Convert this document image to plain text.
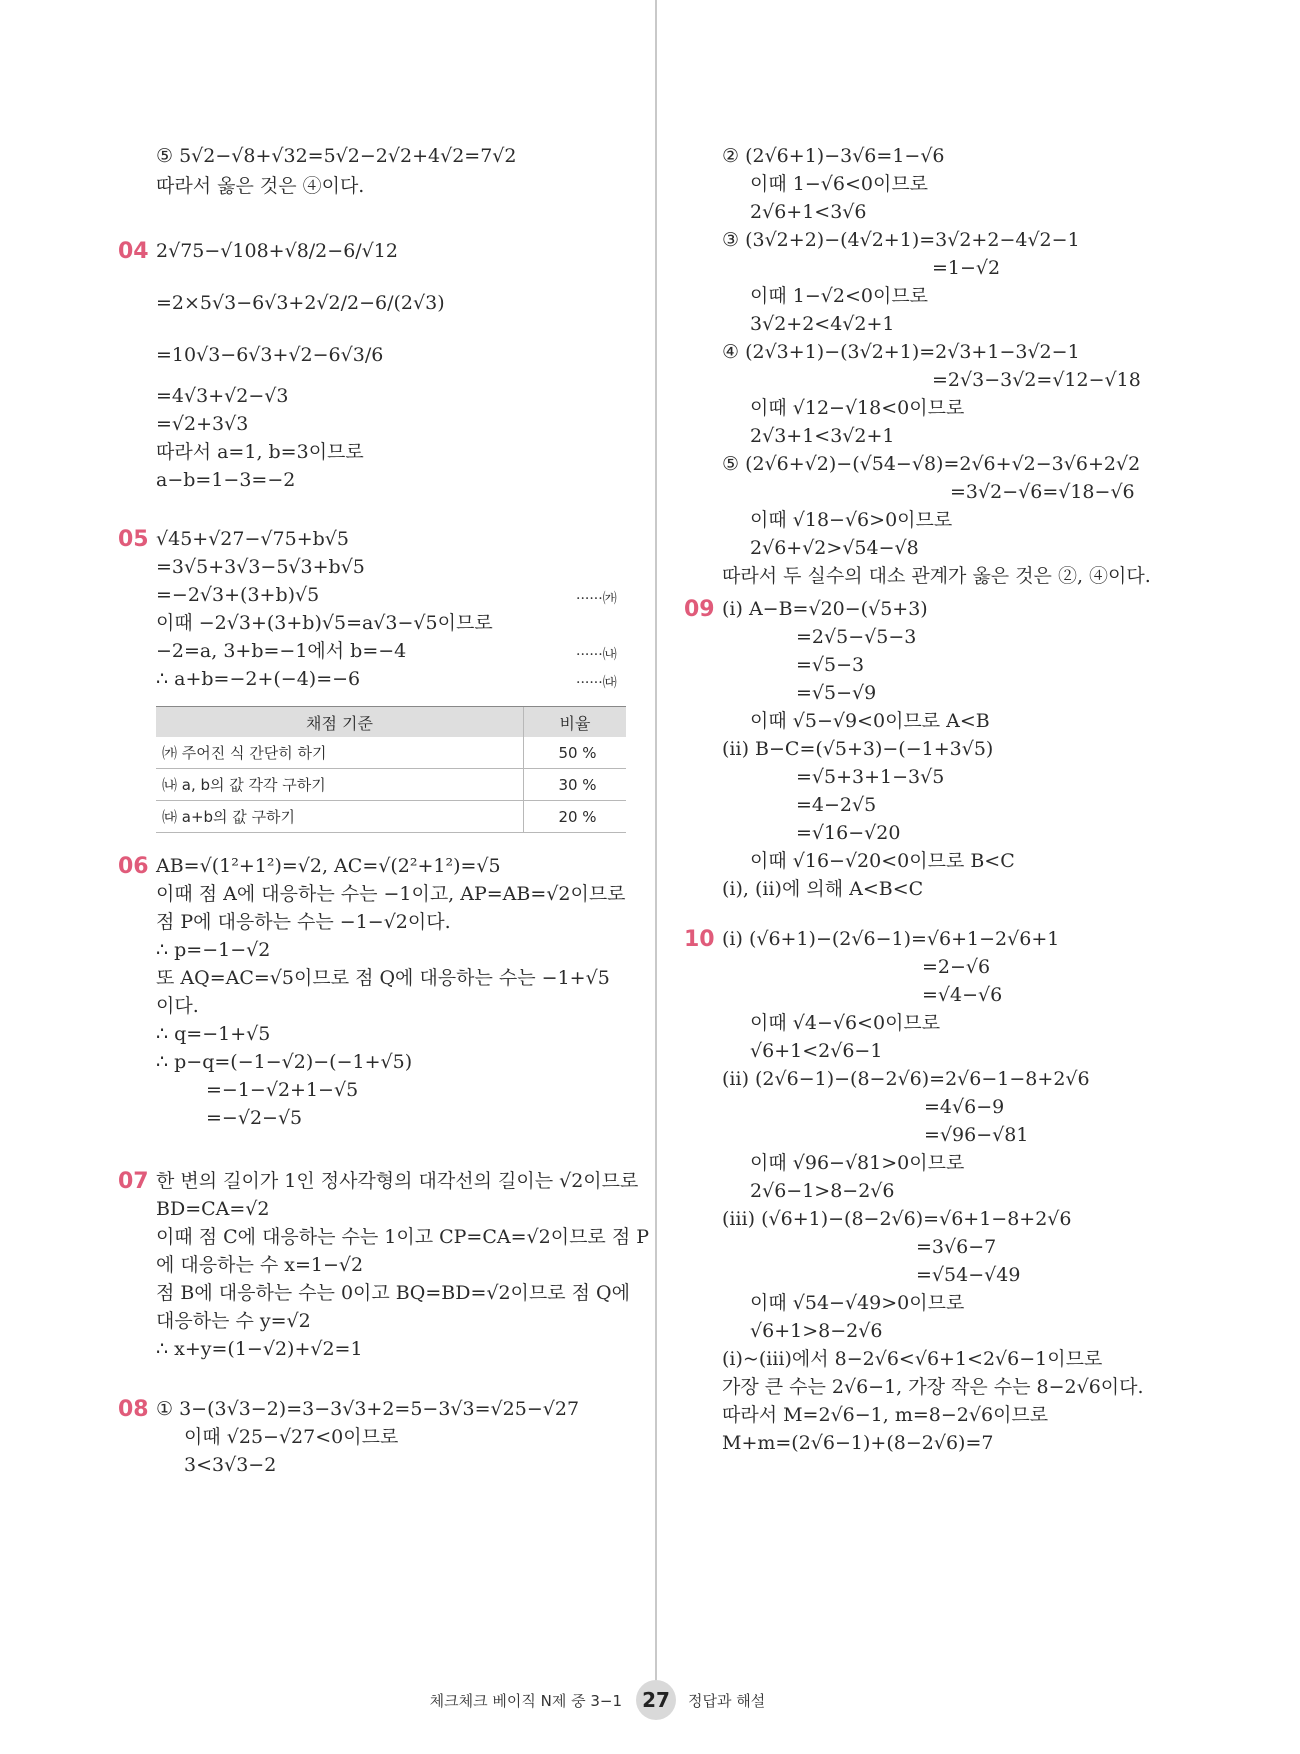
⑤ 5√2−√8+√32=5√2−2√2+4√2=7√2
따라서 옳은 것은 ④이다.
04 2√75−√108+√8/2−6/√12
=2×5√3−6√3+2√2/2−6/(2√3)
=10√3−6√3+√2−6√3/6
=4√3+√2−√3
=√2+3√3
따라서 a=1, b=3이므로
a−b=1−3=−2
05 √45+√27−√75+b√5
=3√5+3√3−5√3+b√5
=−2√3+(3+b)√5	······㈎
이때 −2√3+(3+b)√5=a√3−√5이므로
−2=a, 3+b=−1에서 b=−4	······㈏
∴ a+b=−2+(−4)=−6	······㈐
채점 기준	비율
㈎ 주어진 식 간단히 하기	50 %
㈏ a, b의 값 각각 구하기	30 %
㈐ a+b의 값 구하기	20 %
06 AB=√(1²+1²)=√2, AC=√(2²+1²)=√5
이때 점 A에 대응하는 수는 −1이고, AP=AB=√2이므로
점 P에 대응하는 수는 −1−√2이다.
∴ p=−1−√2
또 AQ=AC=√5이므로 점 Q에 대응하는 수는 −1+√5
이다.
∴ q=−1+√5
∴ p−q=(−1−√2)−(−1+√5)
=−1−√2+1−√5
=−√2−√5
07 한 변의 길이가 1인 정사각형의 대각선의 길이는 √2이므로
BD=CA=√2
이때 점 C에 대응하는 수는 1이고 CP=CA=√2이므로 점 P
에 대응하는 수 x=1−√2
점 B에 대응하는 수는 0이고 BQ=BD=√2이므로 점 Q에
대응하는 수 y=√2
∴ x+y=(1−√2)+√2=1
08 ① 3−(3√3−2)=3−3√3+2=5−3√3=√25−√27
이때 √25−√27<0이므로
3<3√3−2
② (2√6+1)−3√6=1−√6
이때 1−√6<0이므로
2√6+1<3√6
③ (3√2+2)−(4√2+1)=3√2+2−4√2−1
=1−√2
이때 1−√2<0이므로
3√2+2<4√2+1
④ (2√3+1)−(3√2+1)=2√3+1−3√2−1
=2√3−3√2=√12−√18
이때 √12−√18<0이므로
2√3+1<3√2+1
⑤ (2√6+√2)−(√54−√8)=2√6+√2−3√6+2√2
=3√2−√6=√18−√6
이때 √18−√6>0이므로
2√6+√2>√54−√8
따라서 두 실수의 대소 관계가 옳은 것은 ②, ④이다.
09 (ⅰ) A−B=√20−(√5+3)
=2√5−√5−3
=√5−3
=√5−√9
이때 √5−√9<0이므로 A<B
(ⅱ) B−C=(√5+3)−(−1+3√5)
=√5+3+1−3√5
=4−2√5
=√16−√20
이때 √16−√20<0이므로 B<C
(ⅰ), (ⅱ)에 의해 A<B<C
10 (ⅰ) (√6+1)−(2√6−1)=√6+1−2√6+1
=2−√6
=√4−√6
이때 √4−√6<0이므로
√6+1<2√6−1
(ⅱ) (2√6−1)−(8−2√6)=2√6−1−8+2√6
=4√6−9
=√96−√81
이때 √96−√81>0이므로
2√6−1>8−2√6
(ⅲ) (√6+1)−(8−2√6)=√6+1−8+2√6
=3√6−7
=√54−√49
이때 √54−√49>0이므로
√6+1>8−2√6
(ⅰ)~(ⅲ)에서 8−2√6<√6+1<2√6−1이므로
가장 큰 수는 2√6−1, 가장 작은 수는 8−2√6이다.
따라서 M=2√6−1, m=8−2√6이므로
M+m=(2√6−1)+(8−2√6)=7
체크체크 베이직 N제 중 3−1	27	정답과 해설
